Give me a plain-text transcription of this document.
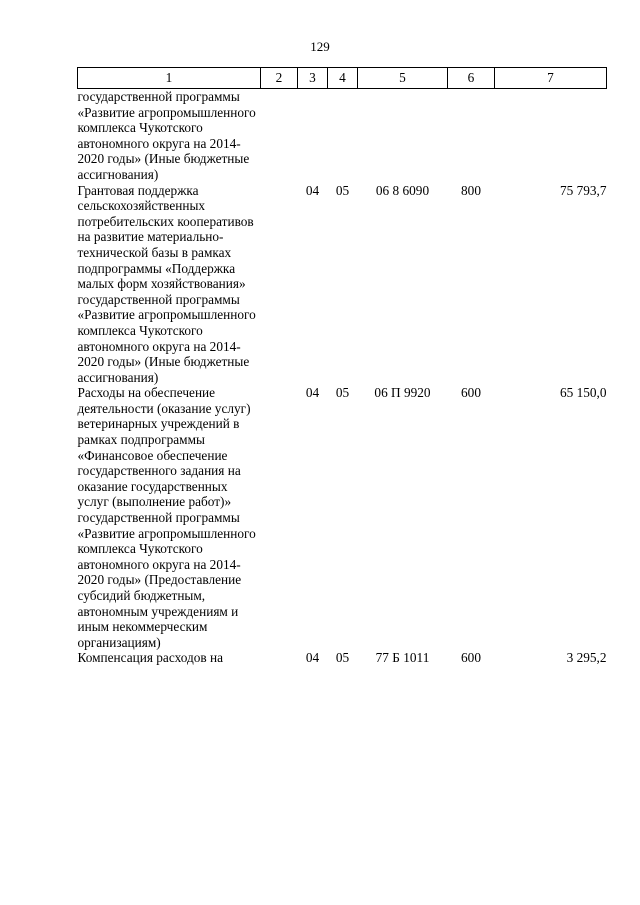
129
1	2	3	4	5	6	7
государственной программы «Развитие агропромышленного комплекса Чукотского автономного округа на 2014-2020 годы» (Иные бюджетные ассигнования)						
Грантовая поддержка сельскохозяйственных потребительских кооперативов на развитие материально-технической базы в рамках подпрограммы «Поддержка малых форм хозяйствования» государственной программы «Развитие агропромышленного комплекса Чукотского автономного округа на 2014-2020 годы» (Иные бюджетные ассигнования)		04	05	06 8 6090	800	75 793,7
Расходы на обеспечение деятельности (оказание услуг) ветеринарных учреждений в рамках подпрограммы «Финансовое обеспечение государственного задания на оказание государственных услуг (выполнение работ)» государственной программы «Развитие агропромышленного комплекса Чукотского автономного округа на 2014-2020 годы» (Предоставление субсидий бюджетным, автономным учреждениям и иным некоммерческим организациям)		04	05	06 П 9920	600	65 150,0
Компенсация расходов на		04	05	77 Б 1011	600	3 295,2
